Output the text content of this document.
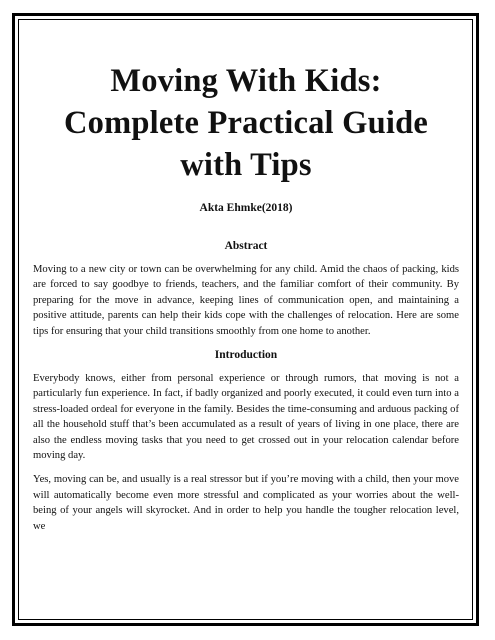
Moving With Kids:
Complete Practical Guide
with Tips
Akta Ehmke(2018)
Abstract

Moving to a new city or town can be overwhelming for any child. Amid the chaos of packing, kids are forced to say goodbye to friends, teachers, and the familiar comfort of their community. By preparing for the move in advance, keeping lines of communication open, and maintaining a positive attitude, parents can help their kids cope with the challenges of relocation. Here are some tips for ensuring that your child transitions smoothly from one home to another.

Introduction

Everybody knows, either from personal experience or through rumors, that moving is not a particularly fun experience. In fact, if badly organized and poorly executed, it could even turn into a stress-loaded ordeal for everyone in the family. Besides the time-consuming and arduous packing of all the household stuff that’s been accumulated as a result of years of living in one place, there are also the endless moving tasks that you need to get crossed out in your relocation calendar before moving day.

Yes, moving can be, and usually is a real stressor but if you’re moving with a child, then your move will automatically become even more stressful and complicated as your worries about the well-being of your angels will skyrocket. And in order to help you handle the tougher relocation level, we
